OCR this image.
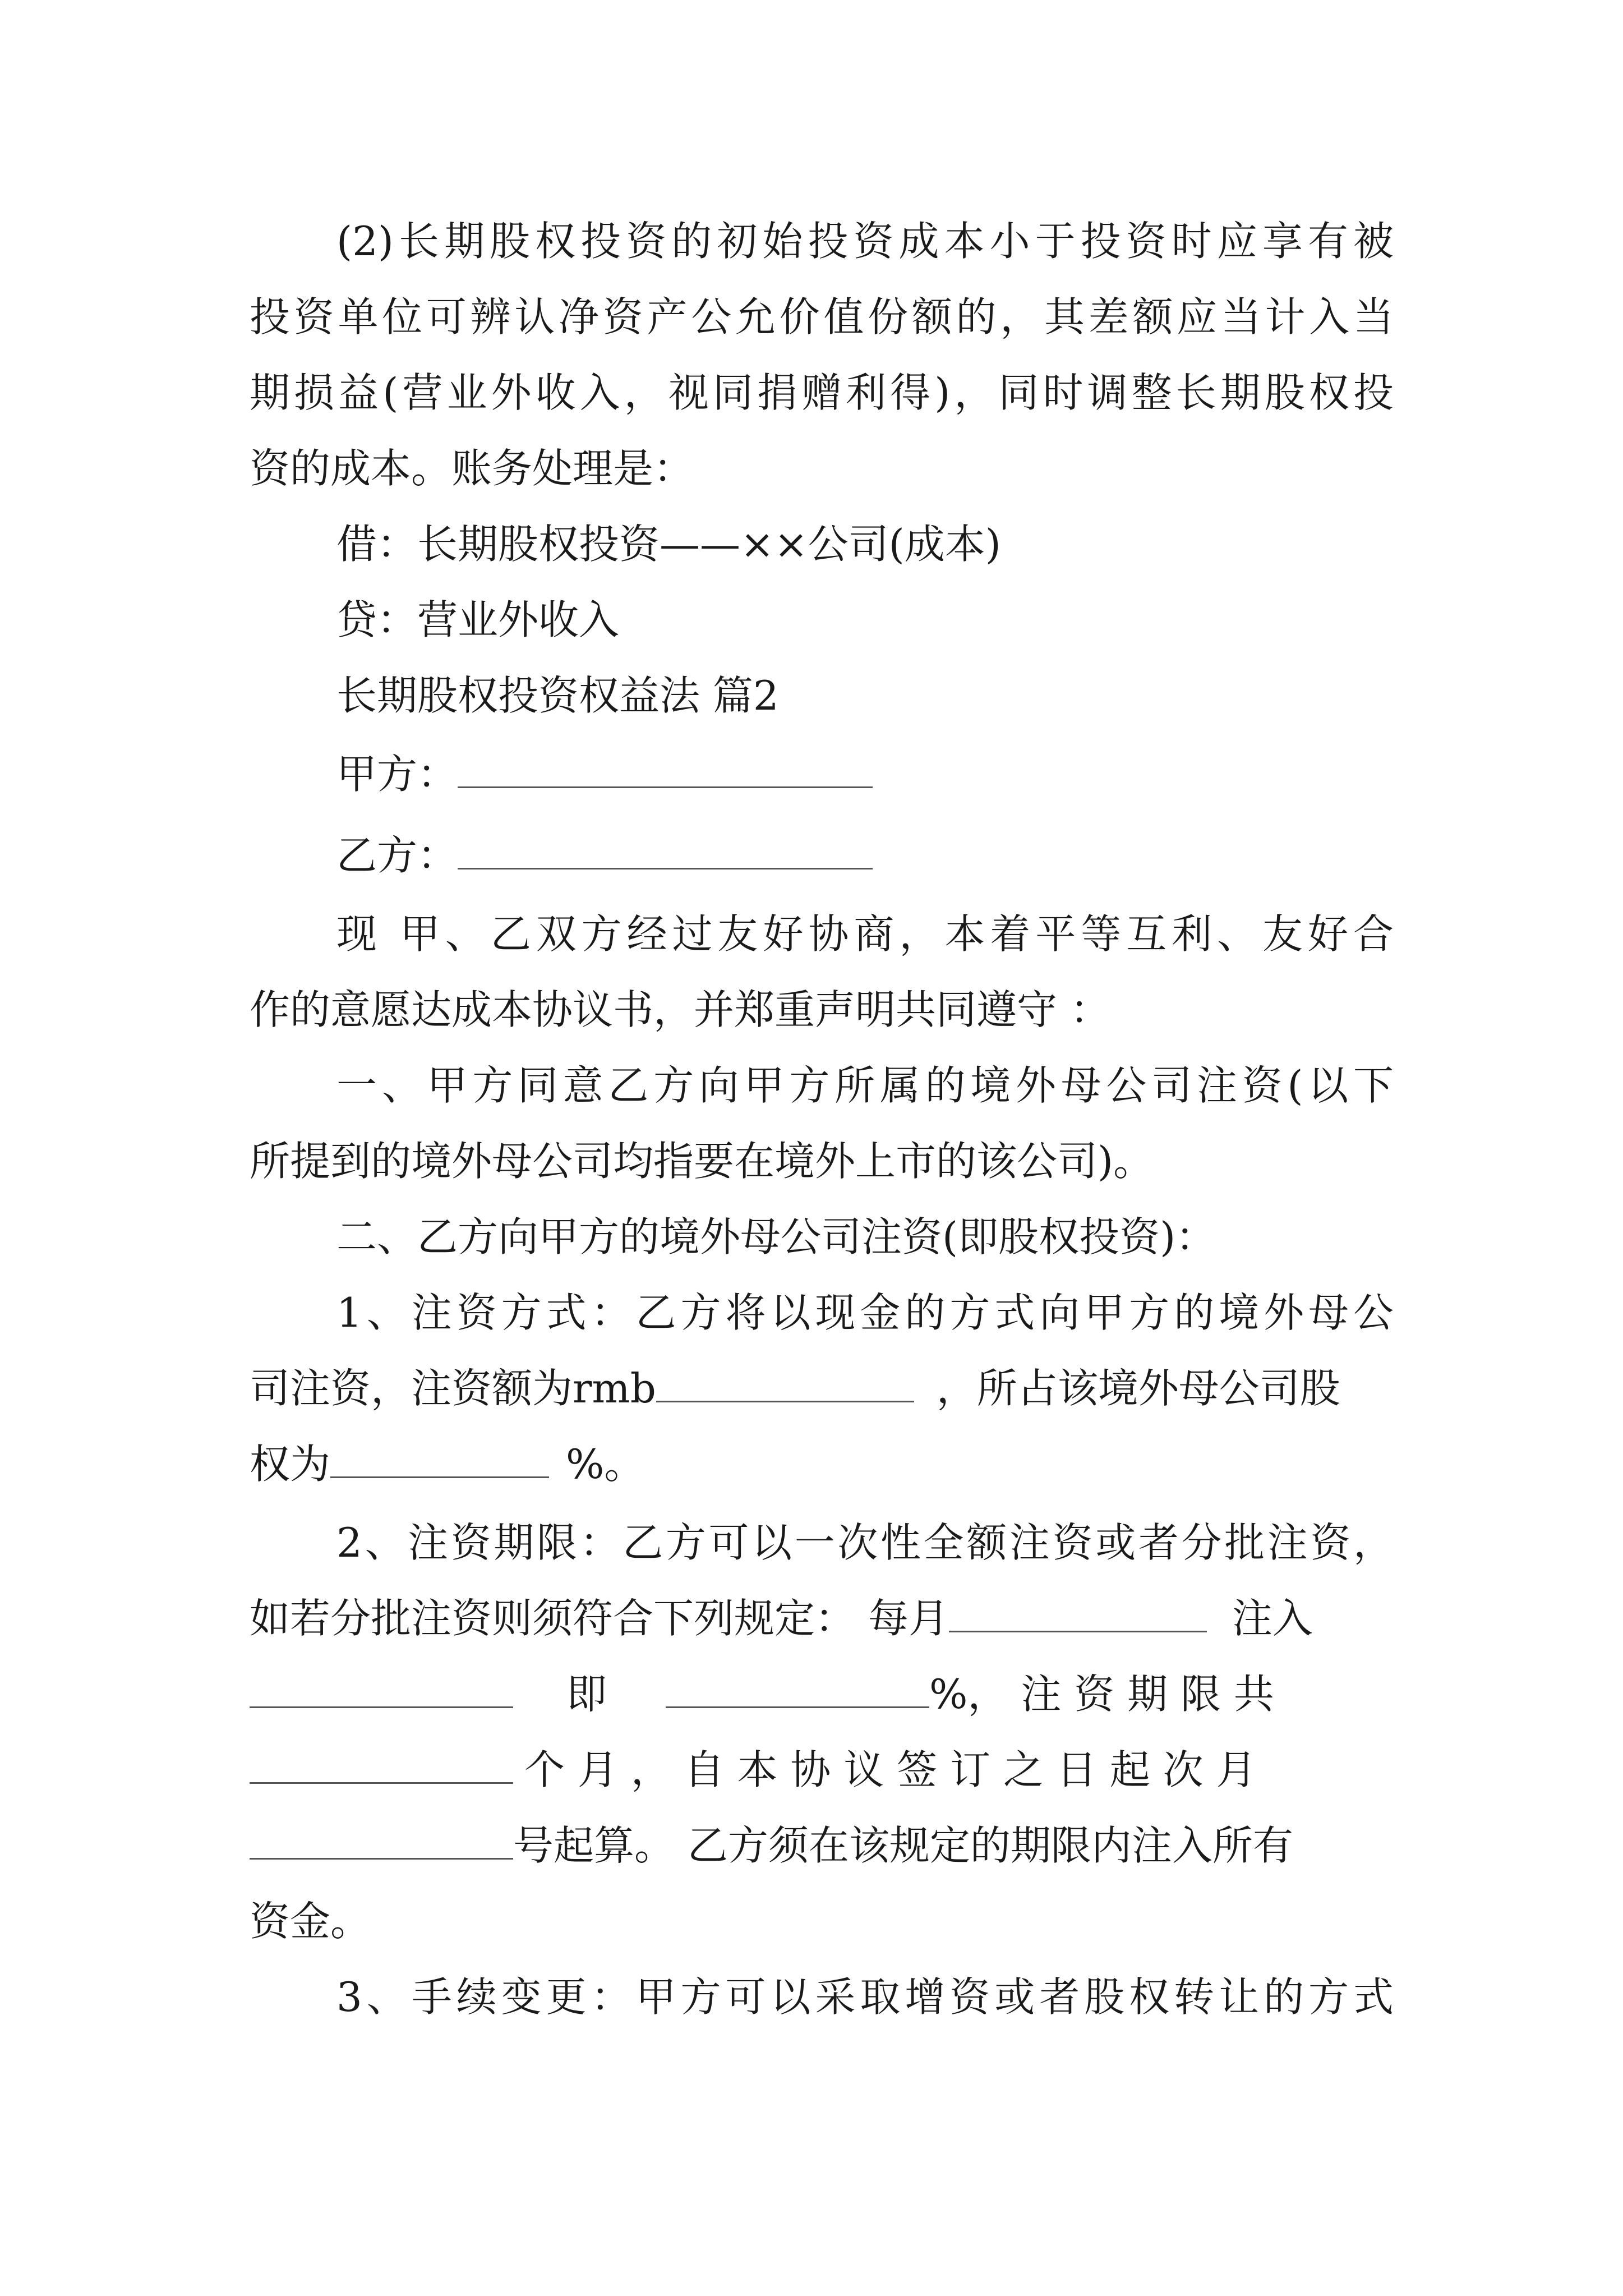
(2)长期股权投资的初始投资成本小于投资时应享有被
投资单位可辨认净资产公允价值份额的，其差额应当计入当
期损益(营业外收入，视同捐赠利得)，同时调整长期股权投
资的成本。账务处理是：
借：长期股权投资——××公司(成本)
贷：营业外收入
长期股权投资权益法 篇2
甲方：
乙方：
现 甲、乙双方经过友好协商，本着平等互利、友好合
作的意愿达成本协议书，并郑重声明共同遵守 ：
一、甲方同意乙方向甲方所属的境外母公司注资(以下
所提到的境外母公司均指要在境外上市的该公司)。
二、乙方向甲方的境外母公司注资(即股权投资)：
1、注资方式：乙方将以现金的方式向甲方的境外母公
司注资，注资额为rmb	，所占该境外母公司股
权为	%。
2、注资期限：乙方可以一次性全额注资或者分批注资，
如若分批注资则须符合下列规定： 每月	注入
即	%， 注 资 期 限 共
个 月 ， 自 本 协 议 签 订 之 日 起 次 月
号起算。 乙方须在该规定的期限内注入所有
资金。
3、手续变更：甲方可以采取增资或者股权转让的方式
